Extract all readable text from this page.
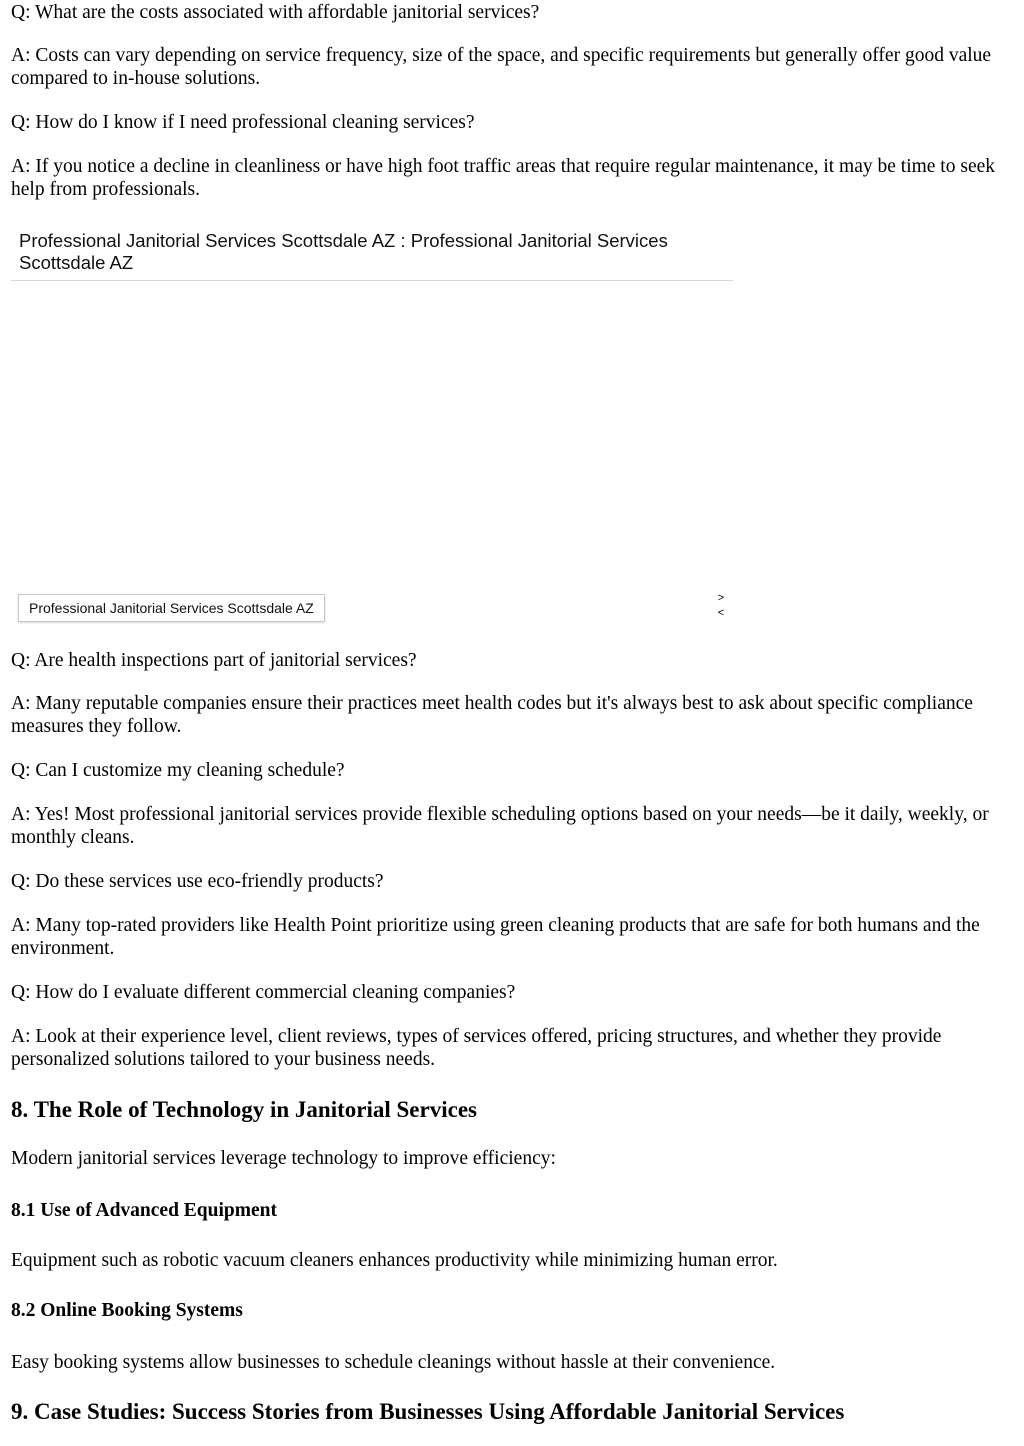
Q: What are the costs associated with affordable janitorial services?

A: Costs can vary depending on service frequency, size of the space, and specific requirements but generally offer good value compared to in-house solutions.

Q: How do I know if I need professional cleaning services?

A: If you notice a decline in cleanliness or have high foot traffic areas that require regular maintenance, it may be time to seek help from professionals.

Professional Janitorial Services Scottsdale AZ : Professional Janitorial Services Scottsdale AZ
Professional Janitorial Services Scottsdale AZ
>
<

Q: Are health inspections part of janitorial services?

A: Many reputable companies ensure their practices meet health codes but it's always best to ask about specific compliance measures they follow.

Q: Can I customize my cleaning schedule?

A: Yes! Most professional janitorial services provide flexible scheduling options based on your needs—be it daily, weekly, or monthly cleans.

Q: Do these services use eco-friendly products?

A: Many top-rated providers like Health Point prioritize using green cleaning products that are safe for both humans and the environment.

Q: How do I evaluate different commercial cleaning companies?

A: Look at their experience level, client reviews, types of services offered, pricing structures, and whether they provide personalized solutions tailored to your business needs.

8. The Role of Technology in Janitorial Services

Modern janitorial services leverage technology to improve efficiency:

8.1 Use of Advanced Equipment

Equipment such as robotic vacuum cleaners enhances productivity while minimizing human error.

8.2 Online Booking Systems

Easy booking systems allow businesses to schedule cleanings without hassle at their convenience.

9. Case Studies: Success Stories from Businesses Using Affordable Janitorial Services
